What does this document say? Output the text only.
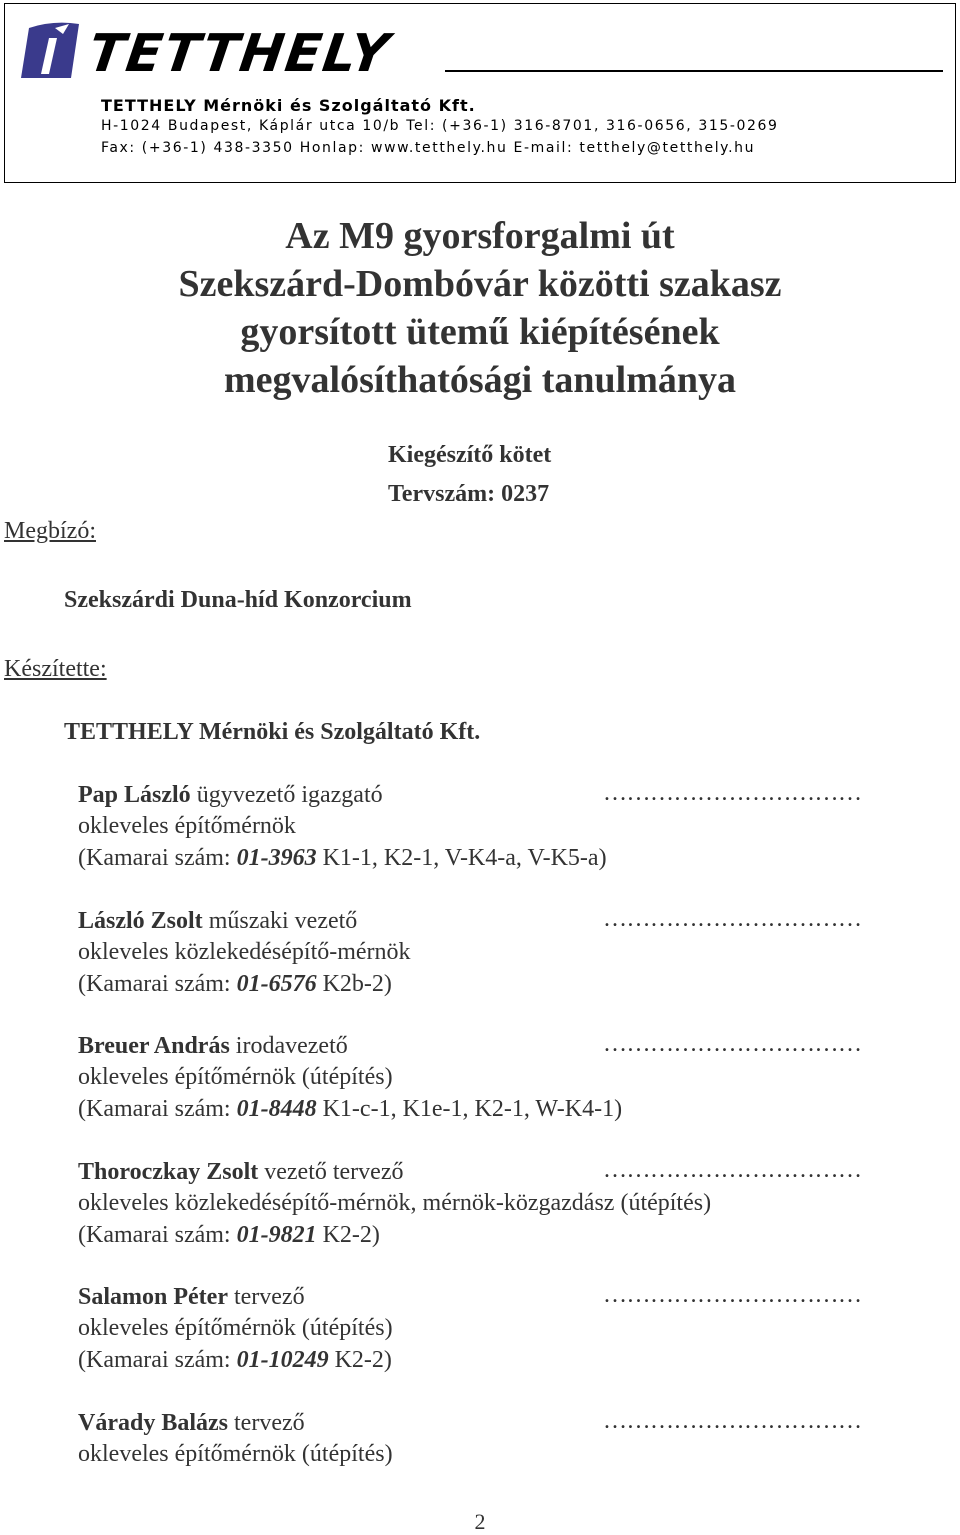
TETTHELY
TETTHELY Mérnöki és Szolgáltató Kft.
H-1024 Budapest, Káplár utca 10/b Tel: (+36-1) 316-8701, 316-0656, 315-0269
Fax: (+36-1) 438-3350 Honlap: www.tetthely.hu E-mail: tetthely@tetthely.hu
Az M9 gyorsforgalmi út
Szekszárd-Dombóvár közötti szakasz
gyorsított ütemű kiépítésének
megvalósíthatósági tanulmánya
Kiegészítő kötet
Tervszám: 0237
Megbízó:
Szekszárdi Duna-híd Konzorcium
Készítette:
TETTHELY Mérnöki és Szolgáltató Kft.
Pap László ügyvezető igazgató
okleveles építőmérnök
(Kamarai szám: 01-3963 K1-1, K2-1, V-K4-a, V-K5-a)
……………………………
László Zsolt műszaki vezető
okleveles közlekedésépítő-mérnök
(Kamarai szám: 01-6576 K2b-2)
……………………………
Breuer András irodavezető
okleveles építőmérnök (útépítés)
(Kamarai szám: 01-8448 K1-c-1, K1e-1, K2-1, W-K4-1)
……………………………
Thoroczkay Zsolt vezető tervező
okleveles közlekedésépítő-mérnök, mérnök-közgazdász (útépítés)
(Kamarai szám: 01-9821 K2-2)
……………………………
Salamon Péter tervező
okleveles építőmérnök (útépítés)
(Kamarai szám: 01-10249 K2-2)
……………………………
Várady Balázs tervező
okleveles építőmérnök (útépítés)
……………………………
2
